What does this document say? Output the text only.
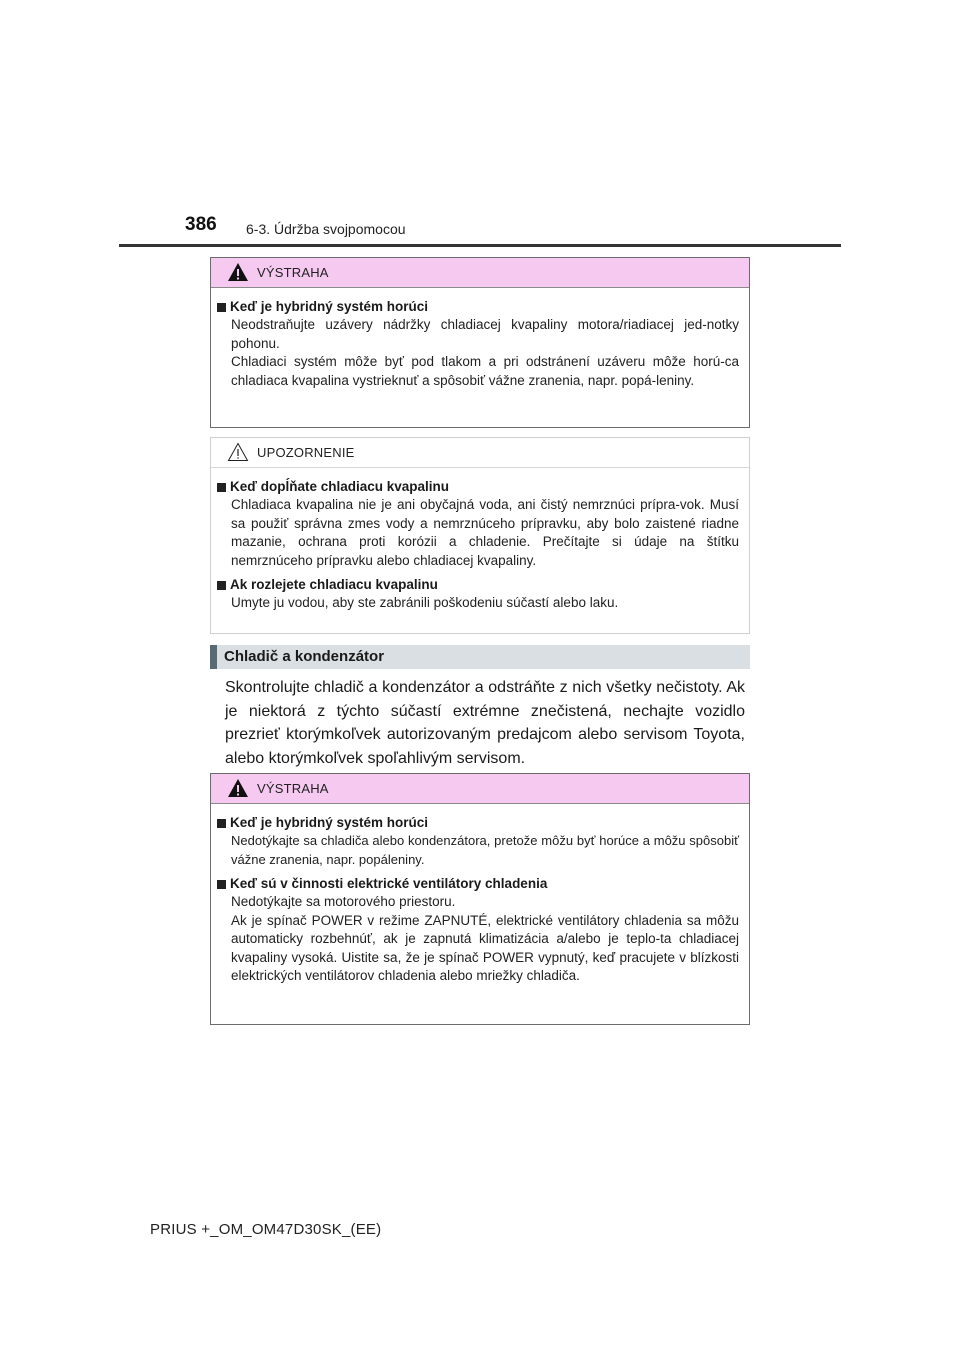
386 6-3. Údržba svojpomocou
VÝSTRAHA
Keď je hybridný systém horúci
Neodstraňujte uzávery nádržky chladiacej kvapaliny motora/riadiacej jed-notky pohonu.
Chladiaci systém môže byť pod tlakom a pri odstránení uzáveru môže horú-ca chladiaca kvapalina vystrieknuť a spôsobiť vážne zranenia, napr. popá-leniny.
UPOZORNENIE
Keď dopĺňate chladiacu kvapalinu
Chladiaca kvapalina nie je ani obyčajná voda, ani čistý nemrznúci prípra-vok. Musí sa použiť správna zmes vody a nemrznúceho prípravku, aby bolo zaistené riadne mazanie, ochrana proti korózii a chladenie. Prečítajte si údaje na štítku nemrznúceho prípravku alebo chladiacej kvapaliny.
Ak rozlejete chladiacu kvapalinu
Umyte ju vodou, aby ste zabránili poškodeniu súčastí alebo laku.
Chladič a kondenzátor
Skontrolujte chladič a kondenzátor a odstráňte z nich všetky nečistoty. Ak je niektorá z týchto súčastí extrémne znečistená, nechajte vozidlo prezrieť ktorýmkoľvek autorizovaným predajcom alebo servisom Toyota, alebo ktorýmkoľvek spoľahlivým servisom.
VÝSTRAHA
Keď je hybridný systém horúci
Nedotýkajte sa chladiča alebo kondenzátora, pretože môžu byť horúce a môžu spôsobiť vážne zranenia, napr. popáleniny.
Keď sú v činnosti elektrické ventilátory chladenia
Nedotýkajte sa motorového priestoru.
Ak je spínač POWER v režime ZAPNUTÉ, elektrické ventilátory chladenia sa môžu automaticky rozbehnúť, ak je zapnutá klimatizácia a/alebo je teplo-ta chladiacej kvapaliny vysoká. Uistite sa, že je spínač POWER vypnutý, keď pracujete v blízkosti elektrických ventilátorov chladenia alebo mriežky chladiča.
PRIUS +_OM_OM47D30SK_(EE)
